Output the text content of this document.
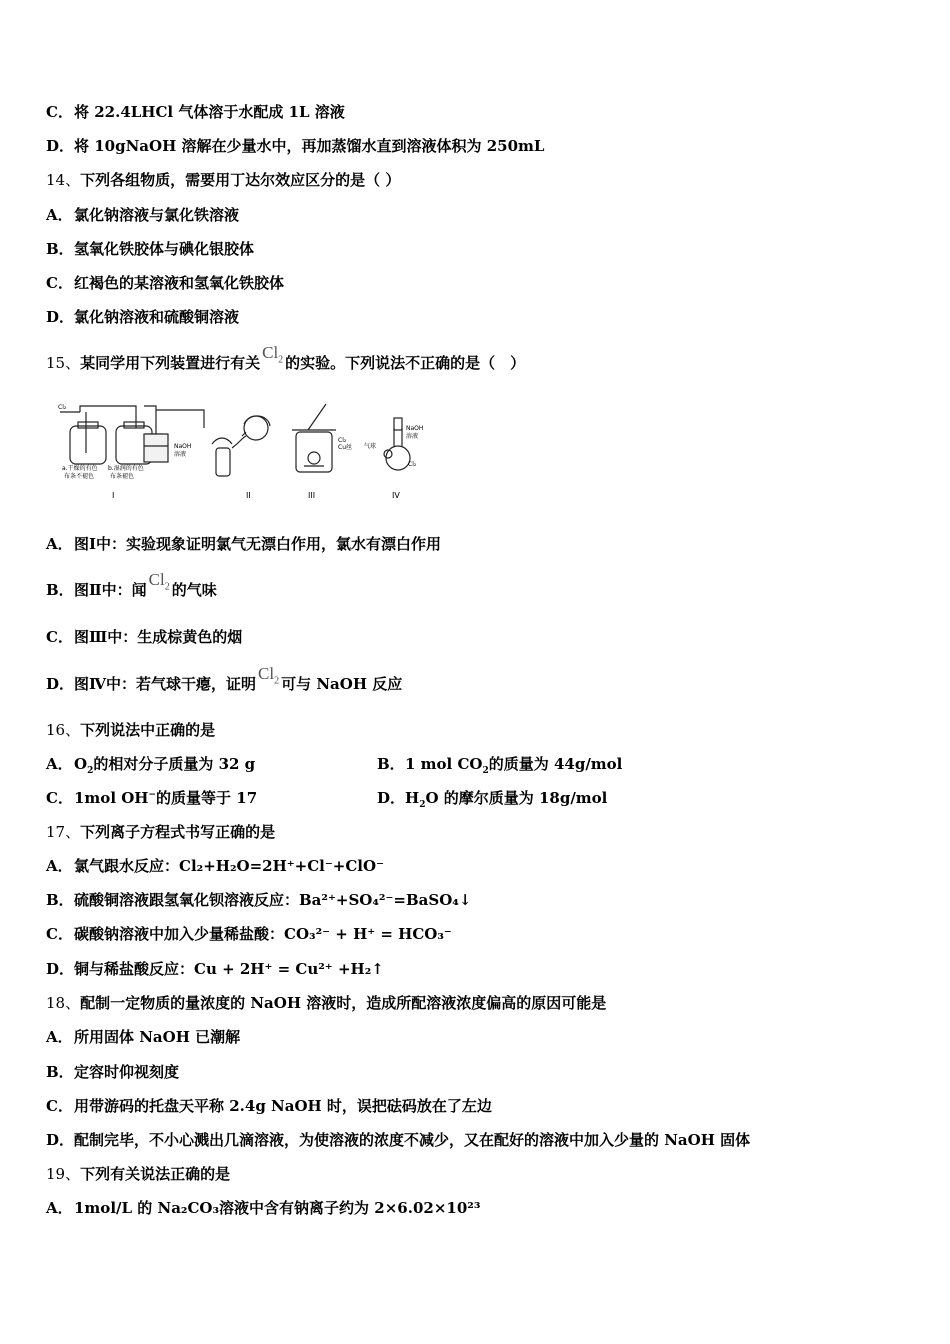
C．将 22.4LHCl 气体溶于水配成 1L 溶液
D．将 10gNaOH 溶解在少量水中，再加蒸馏水直到溶液体积为 250mL
14、下列各组物质，需要用丁达尔效应区分的是（ ）
A．氯化钠溶液与氯化铁溶液
B．氢氧化铁胶体与碘化银胶体
C．红褐色的某溶液和氢氧化铁胶体
D．氯化钠溶液和硫酸铜溶液
15、某同学用下列装置进行有关$Cl_2$ 的实验。下列说法不正确的是（　）
Cl₂
a.干燥的有色
布条不褪色
b.湿润的有色
布条褪色
NaOH
溶液
I	II
Cl₂
Cu丝
III
气球
NaOH
溶液
Cl₂
IV
A．图Ⅰ中：实验现象证明氯气无漂白作用，氯水有漂白作用
B．图Ⅱ中：闻$Cl_2$ 的气味
C．图Ⅲ中：生成棕黄色的烟
D．图Ⅳ中：若气球干瘪，证明$Cl_2$ 可与 NaOH 反应
16、下列说法中正确的是
A．$O_2$的相对分子质量为 32 g	B．1 mol $CO_2$的质量为 44g/mol
C．1mol OH−的质量等于 17	D．$H_2O$ 的摩尔质量为 18g/mol
17、下列离子方程式书写正确的是
A．氯气跟水反应：Cl₂+H₂O=2H⁺+Cl⁻+ClO⁻
B．硫酸铜溶液跟氢氧化钡溶液反应：Ba²⁺+SO₄²⁻=BaSO₄↓
C．碳酸钠溶液中加入少量稀盐酸：CO₃²⁻ + H⁺ = HCO₃⁻
D．铜与稀盐酸反应：Cu + 2H⁺ = Cu²⁺ +H₂↑
18、配制一定物质的量浓度的 NaOH 溶液时，造成所配溶液浓度偏高的原因可能是
A．所用固体 NaOH 已潮解
B．定容时仰视刻度
C．用带游码的托盘天平称 2.4g NaOH 时，误把砝码放在了左边
D．配制完毕，不小心溅出几滴溶液，为使溶液的浓度不减少，又在配好的溶液中加入少量的 NaOH 固体
19、下列有关说法正确的是
A．1mol/L 的 Na₂CO₃溶液中含有钠离子约为 2×6.02×10²³
